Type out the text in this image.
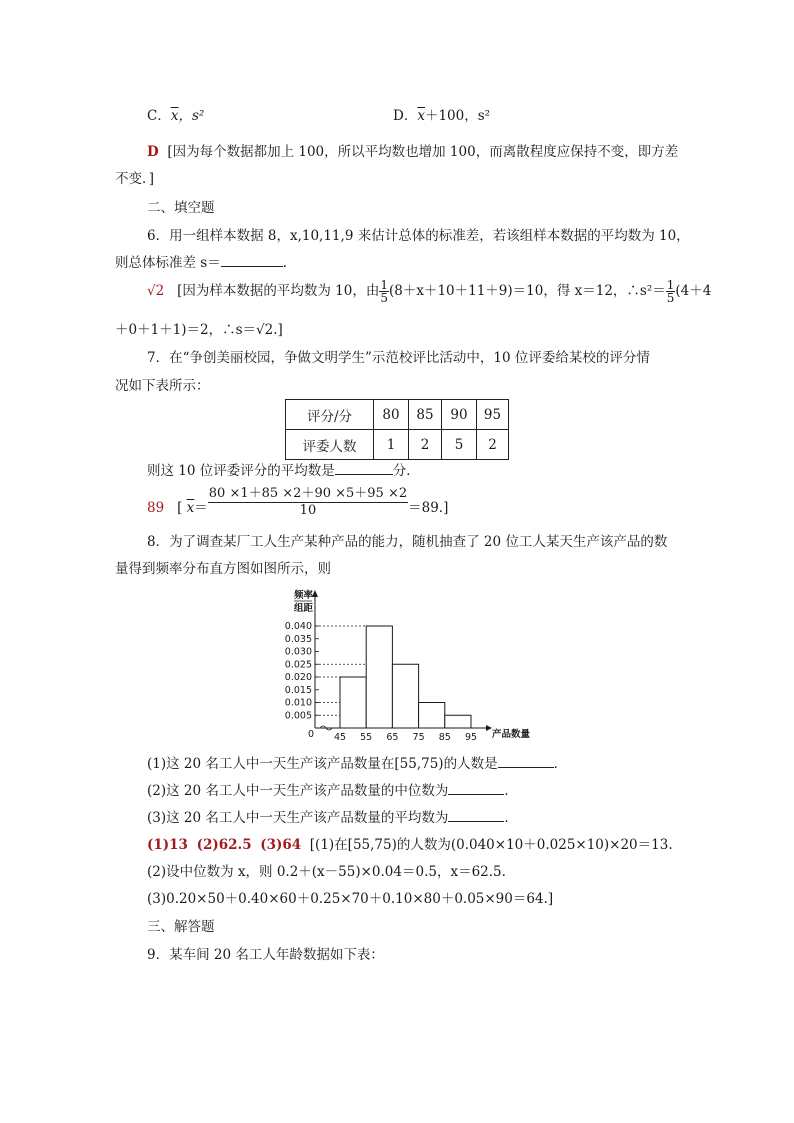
C．$\overline{x}$，s²	D．$\overline{x}+100$，s²
D [因为每个数据都加上 100，所以平均数也增加 100，而离散程度应保持不变，即方差
不变．]
二、填空题
6．用一组样本数据 8，x,10,11,9 来估计总体的标准差，若该组样本数据的平均数为 10，
则总体标准差 s＝	.
√2 [因为样本数据的平均数为 10，由 $\frac{1}{5} (8+x+10+11+9)=10$，得 x＝12，∴s²＝ $\frac{1}{5} (4+4$
＋0＋1＋1)＝2，∴s＝√2.]
7．在“争创美丽校园，争做文明学生”示范校评比活动中，10 位评委给某校的评分情
况如下表所示：
评分/分	80	85	90	95
评委人数	1	2	5	2
则这 10 位评委评分的平均数是	分．
89 [ $\overline{x}= \frac{80 \times 1+85 \times 2+90 \times 5+95 \times 2}{10} =89$.]
8．为了调查某厂工人生产某种产品的能力，随机抽查了 20 位工人某天生产该产品的数
量得到频率分布直方图如图所示，则
频率
组距
产品数量
0
0.005
0.010
0.015
0.020
0.025
0.030
0.035
0.040
45 55 65 75 85 95
(1)这 20 名工人中一天生产该产品数量在[55,75)的人数是	．
(2)这 20 名工人中一天生产该产品数量的中位数为	．
(3)这 20 名工人中一天生产该产品数量的平均数为	．
(1)13 (2)62.5 (3)64 [(1)在[55,75)的人数为(0.040×10＋0.025×10)×20＝13.
(2)设中位数为 x，则 0.2＋(x－55)×0.04＝0.5，x＝62.5.
(3)0.20×50＋0.40×60＋0.25×70＋0.10×80＋0.05×90＝64.]
三、解答题
9．某车间 20 名工人年龄数据如下表：
